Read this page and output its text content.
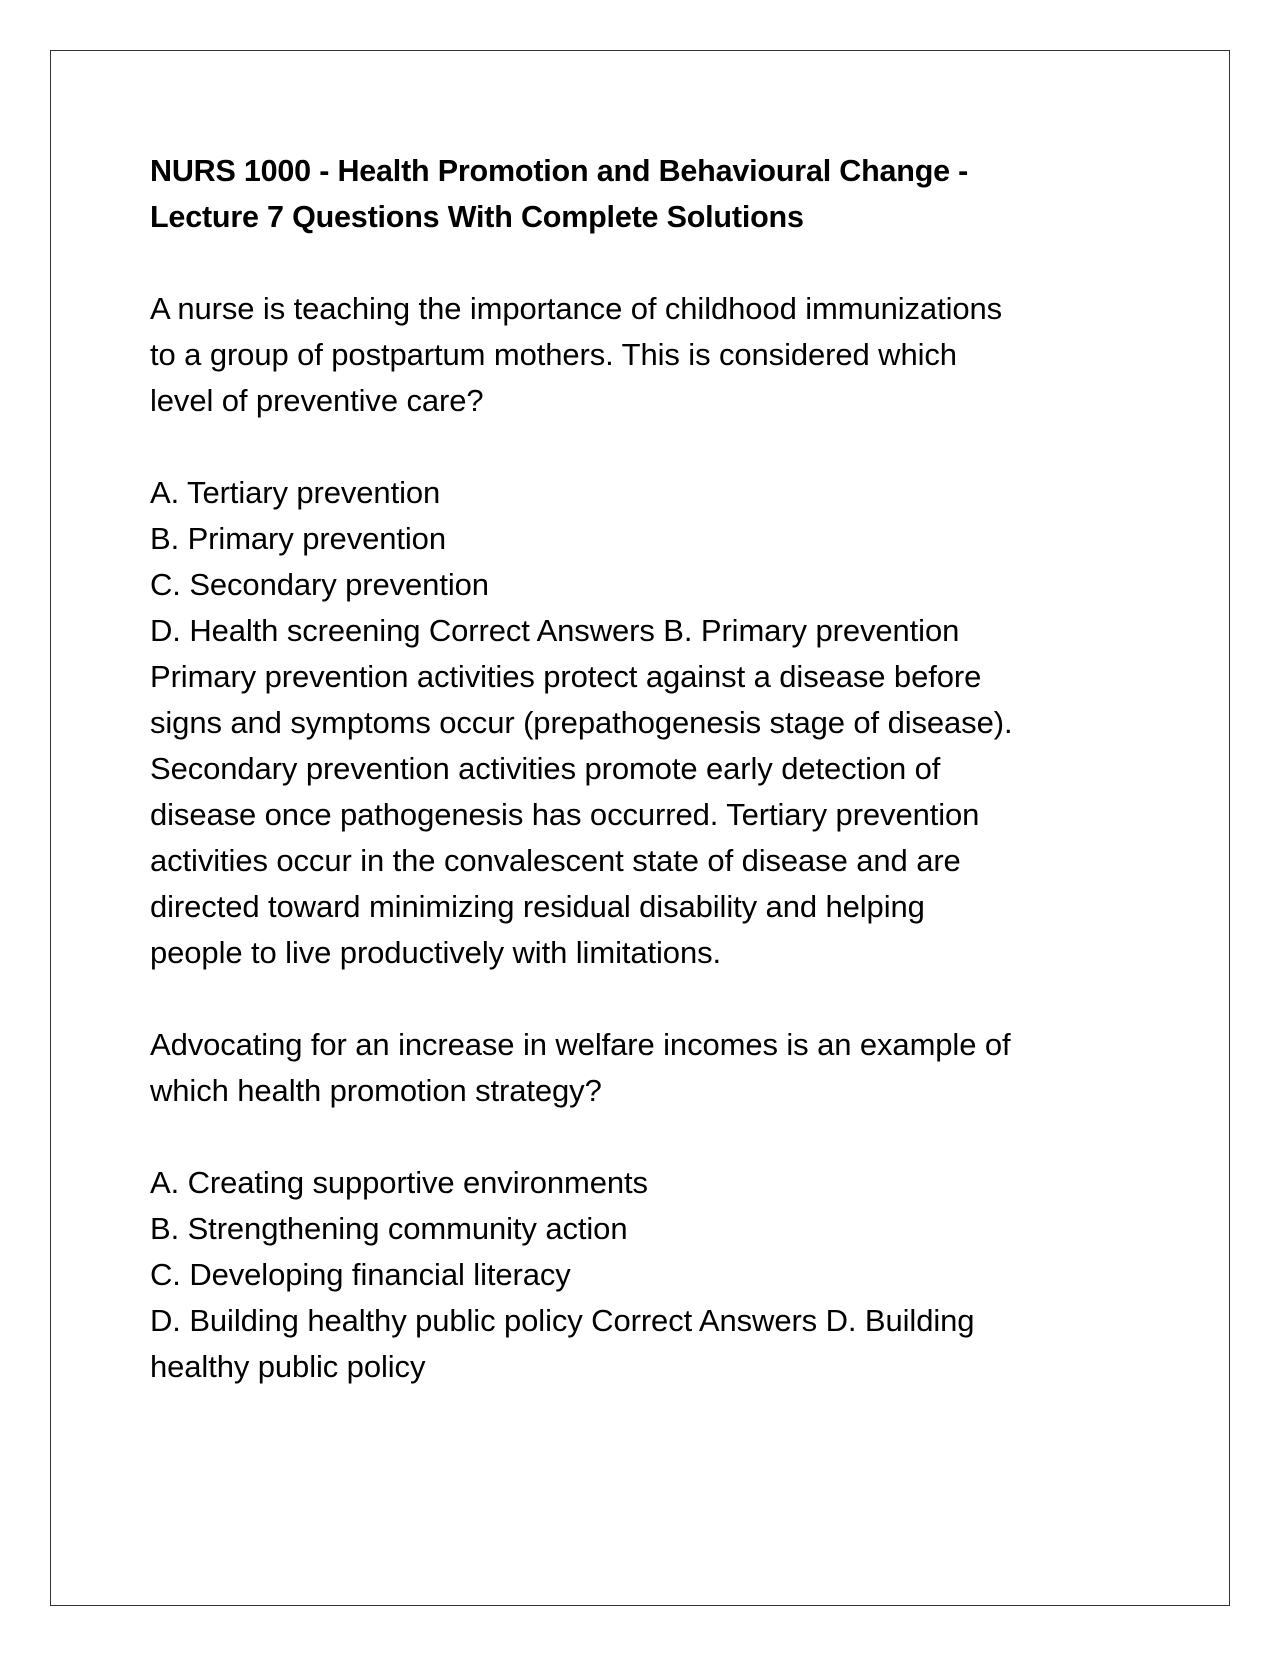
NURS 1000 - Health Promotion and Behavioural Change -
Lecture 7 Questions With Complete Solutions
A nurse is teaching the importance of childhood immunizations
to a group of postpartum mothers. This is considered which
level of preventive care?
A. Tertiary prevention
B. Primary prevention
C. Secondary prevention
D. Health screening Correct Answers B. Primary prevention
Primary prevention activities protect against a disease before
signs and symptoms occur (prepathogenesis stage of disease).
Secondary prevention activities promote early detection of
disease once pathogenesis has occurred. Tertiary prevention
activities occur in the convalescent state of disease and are
directed toward minimizing residual disability and helping
people to live productively with limitations.
Advocating for an increase in welfare incomes is an example of
which health promotion strategy?
A. Creating supportive environments
B. Strengthening community action
C. Developing financial literacy
D. Building healthy public policy Correct Answers D. Building
healthy public policy
